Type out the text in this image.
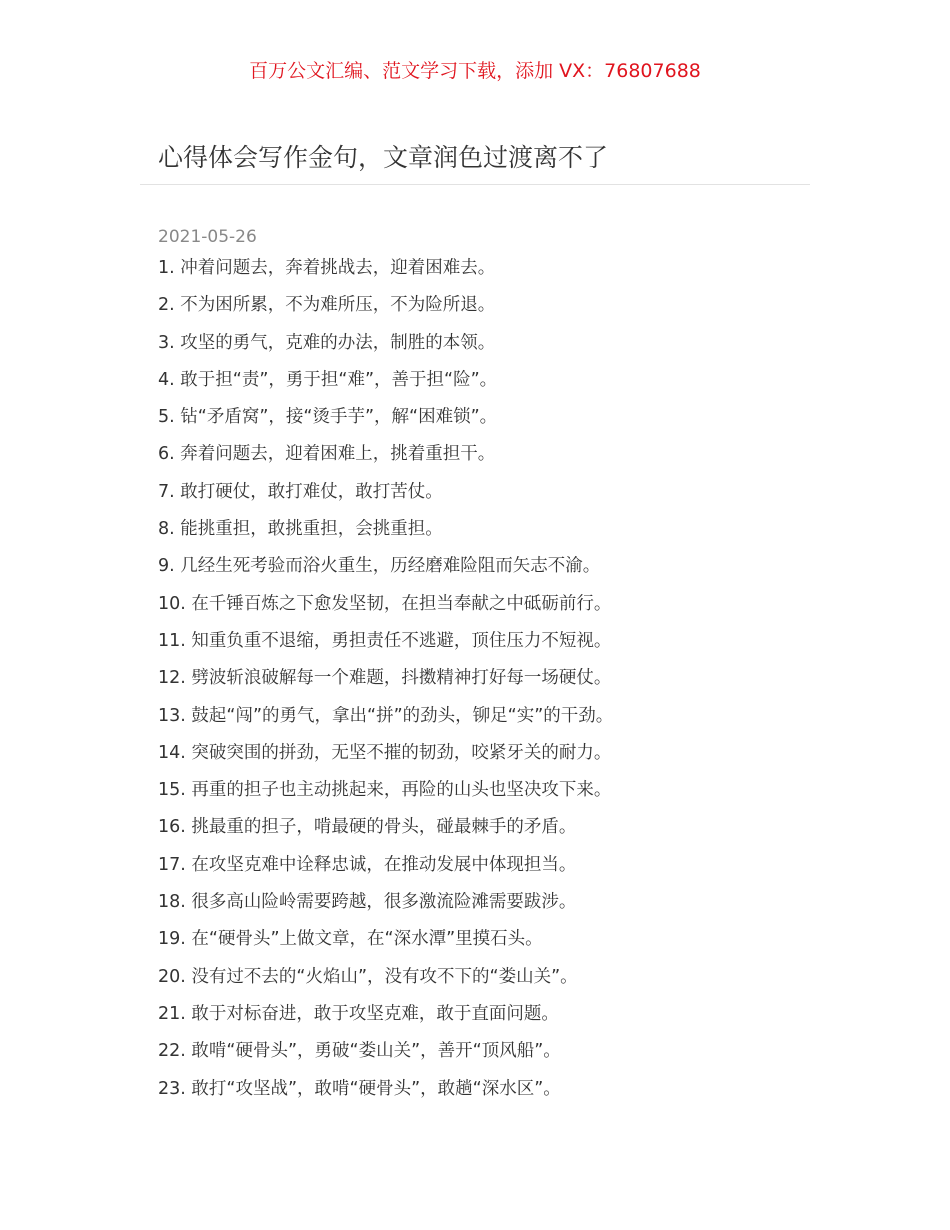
百万公文汇编、范文学习下载，添加 VX：76807688
心得体会写作金句，文章润色过渡离不了
2021-05-26
1. 冲着问题去，奔着挑战去，迎着困难去。
2. 不为困所累，不为难所压，不为险所退。
3. 攻坚的勇气，克难的办法，制胜的本领。
4. 敢于担“责”，勇于担“难”，善于担“险”。
5. 钻“矛盾窝”，接“烫手芋”，解“困难锁”。
6. 奔着问题去，迎着困难上，挑着重担干。
7. 敢打硬仗，敢打难仗，敢打苦仗。
8. 能挑重担，敢挑重担，会挑重担。
9. 几经生死考验而浴火重生，历经磨难险阻而矢志不渝。
10. 在千锤百炼之下愈发坚韧，在担当奉献之中砥砺前行。
11. 知重负重不退缩，勇担责任不逃避，顶住压力不短视。
12. 劈波斩浪破解每一个难题，抖擞精神打好每一场硬仗。
13. 鼓起“闯”的勇气，拿出“拼”的劲头，铆足“实”的干劲。
14. 突破突围的拼劲，无坚不摧的韧劲，咬紧牙关的耐力。
15. 再重的担子也主动挑起来，再险的山头也坚决攻下来。
16. 挑最重的担子，啃最硬的骨头，碰最棘手的矛盾。
17. 在攻坚克难中诠释忠诚，在推动发展中体现担当。
18. 很多高山险岭需要跨越，很多激流险滩需要跋涉。
19. 在“硬骨头”上做文章，在“深水潭”里摸石头。
20. 没有过不去的“火焰山”，没有攻不下的“娄山关”。
21. 敢于对标奋进，敢于攻坚克难，敢于直面问题。
22. 敢啃“硬骨头”，勇破“娄山关”，善开“顶风船”。
23. 敢打“攻坚战”，敢啃“硬骨头”，敢趟“深水区”。
